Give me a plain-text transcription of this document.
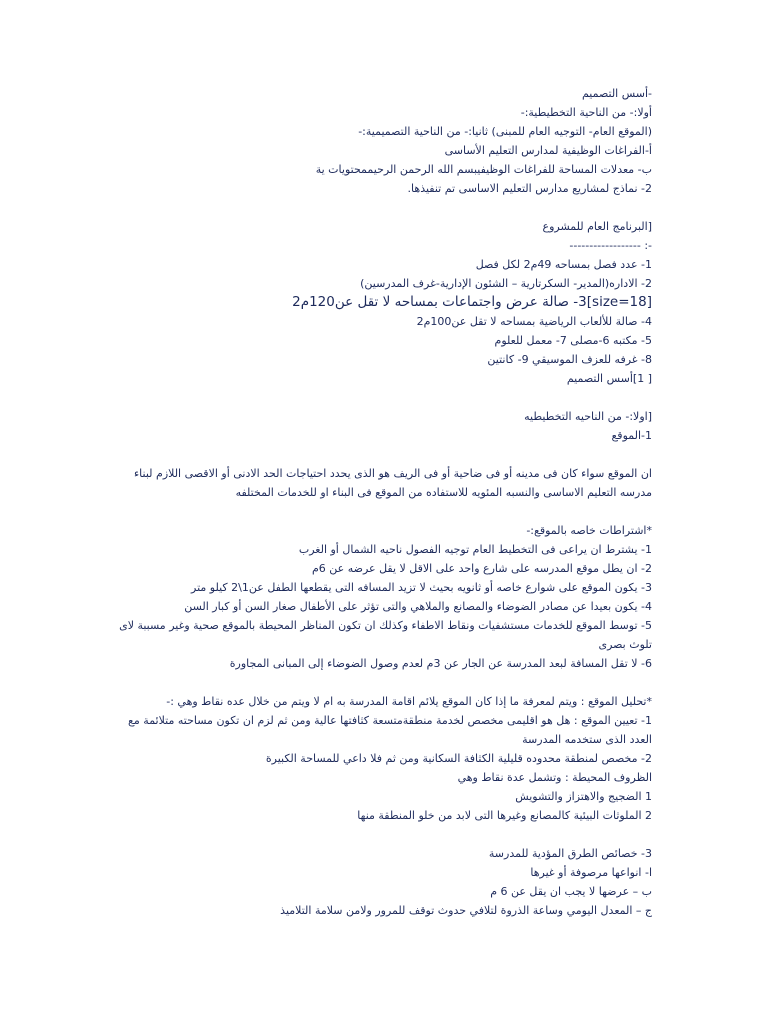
-أسس التصميم
أولا:- من الناحية التخطيطية:-
(الموقع العام- التوجيه العام للمبنى) ثانيا:- من الناحية التصميمية:-
أ-الفراغات الوظيفية لمدارس التعليم الأساسى
ب- معدلات المساحة للفراغات الوظيفيبسم الله الرحمن الرحيممحتويات ية
2- نماذج لمشاريع مدارس التعليم الاساسى تم تنفيذها.
[البرنامج العام للمشروع
-: ------------------
1- عدد فصل بمساحه 49م2 لكل فصل
2- الاداره(المدير- السكرتارية – الشئون الإدارية-غرف المدرسين)
[size=18]3- صالة عرض واجتماعات بمساحه لا تقل عن120م2
4- صالة للألعاب الرياضية بمساحه لا تقل عن100م2
5- مكتبه 6-مصلى 7- معمل للعلوم
8- غرفه للعزف الموسيقي 9- كانتين
[ 1]أسس التصميم
[اولا:- من الناحيه التخطيطيه
1-الموقع
ان الموقع سواء كان فى مدينه أو فى ضاحية أو فى الريف هو الذى يحدد احتياجات الحد الادنى أو الاقصى اللازم لبناء مدرسه التعليم الاساسى والنسبه المئويه للاستفاده من الموقع فى البناء او للخدمات المختلفه
*اشتراطات خاصه بالموقع:-
1- يشترط ان يراعى فى التخطيط العام توجيه الفصول ناحيه الشمال أو الغرب
2- ان يطل موقع المدرسه على شارع واحد على الاقل لا يقل عرضه عن 6م
3- يكون الموقع على شوارع خاصه أو ثانويه بحيث لا تزيد المسافه التى يقطعها الطفل عن1\2 كيلو متر
4- يكون بعيدا عن مصادر الضوضاء والمصانع والملاهي والتى تؤثر على الأطفال صغار السن أو كبار السن
5- توسط الموقع للخدمات مستشفيات ونقاط الاطفاء وكذلك ان تكون المناظر المحيطة بالموقع صحية وغير مسببة لاى تلوث بصرى
6- لا تقل المسافة لبعد المدرسة عن الجار عن 3م لعدم وصول الضوضاء إلى المبانى المجاورة
*تحليل الموقع : ويتم لمعرفة ما إذا كان الموقع يلائم اقامة المدرسة به ام لا ويتم من خلال عده نقاط وهي :-
1- تعيين الموقع : هل هو اقليمى مخصص لخدمة منطقةمتسعة كثافتها عالية ومن ثم لزم ان تكون مساحته متلائمة مع العدد الذى ستخدمه المدرسة
2- مخصص لمنطقة محدوده قليلية الكثافة السكانية ومن ثم فلا داعي للمساحة الكبيرة
الظروف المحيطة : وتشمل عدة نقاط وهي
1 الضجيج والاهتزاز والتشويش
2 الملوثات البيئية كالمصانع وغيرها التى لابد من خلو المنطقة منها
3- خصائص الطرق المؤدية للمدرسة
ا- انواعها مرصوفة أو غيرها
ب – عرضها لا يجب ان يقل عن 6 م
ج – المعدل اليومي وساعة الذروة لتلافي حدوث توقف للمرور ولامن سلامة التلاميذ
